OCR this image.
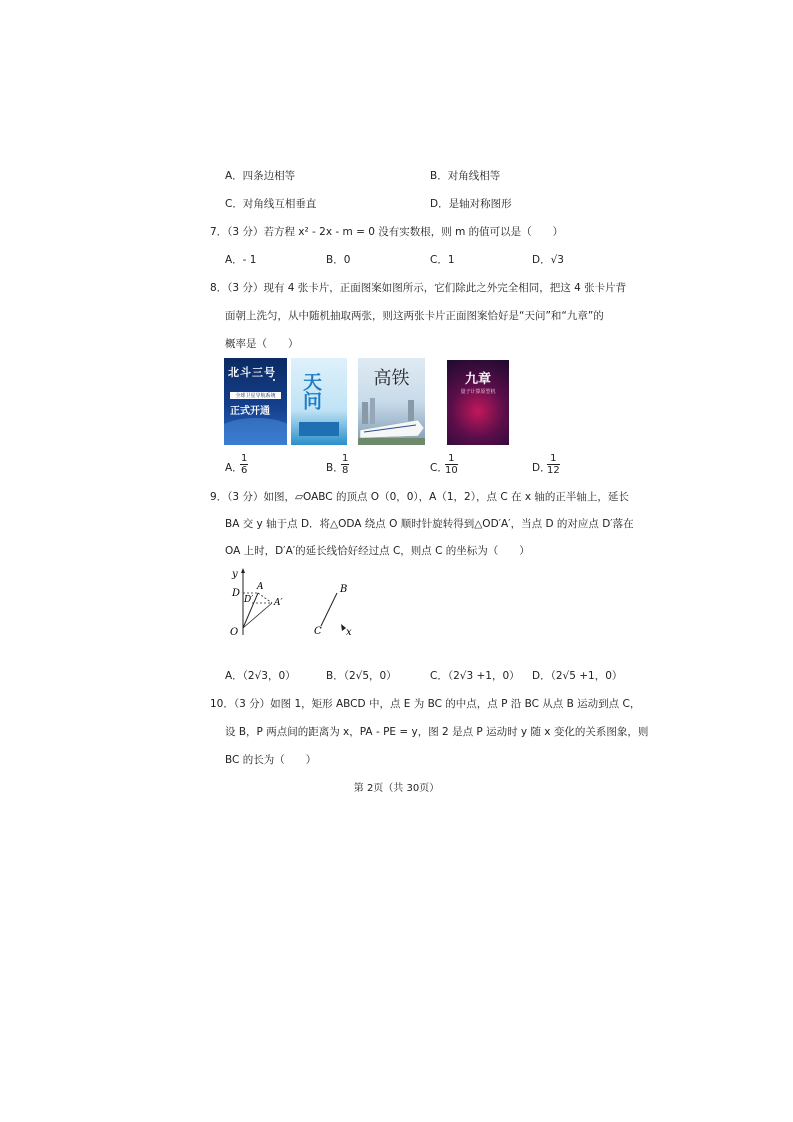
A．四条边相等	B．对角线相等
C．对角线互相垂直	D．是轴对称图形
7．（3 分）若方程 x² - 2x - m = 0 没有实数根，则 m 的值可以是（　　）
A．- 1	B．0	C．1	D．√3
8．（3 分）现有 4 张卡片，正面图案如图所示，它们除此之外完全相同，把这 4 张卡片背
面朝上洗匀，从中随机抽取两张，则这两张卡片正面图案恰好是“天问”和“九章”的
概率是（　　）
北斗三号
全球卫星导航系统
正式开通
天问	高铁	九章
量子计算原型机
A．
$\frac{1}{6}$	B．
$\frac{1}{8}$	C．
$\frac{1}{10}$	D．
$\frac{1}{12}$
9．（3 分）如图，▱OABC 的顶点 O（0，0），A（1，2），点 C 在 x 轴的正半轴上，延长
BA 交 y 轴于点 D．将△ODA 绕点 O 顺时针旋转得到△OD′A′，当点 D 的对应点 D′落在
OA 上时，D′A′的延长线恰好经过点 C，则点 C 的坐标为（　　）
y
x
O
D
A
D′ A′
B
C
A．（2√3，0）	B．（2√5，0）	C．（2√3 +1，0） D．（2√5 +1，0）
10．（3 分）如图 1，矩形 ABCD 中，点 E 为 BC 的中点，点 P 沿 BC 从点 B 运动到点 C，
设 B，P 两点间的距离为 x，PA - PE = y，图 2 是点 P 运动时 y 随 x 变化的关系图象，则
BC 的长为（　　）
第 2页（共 30页）
